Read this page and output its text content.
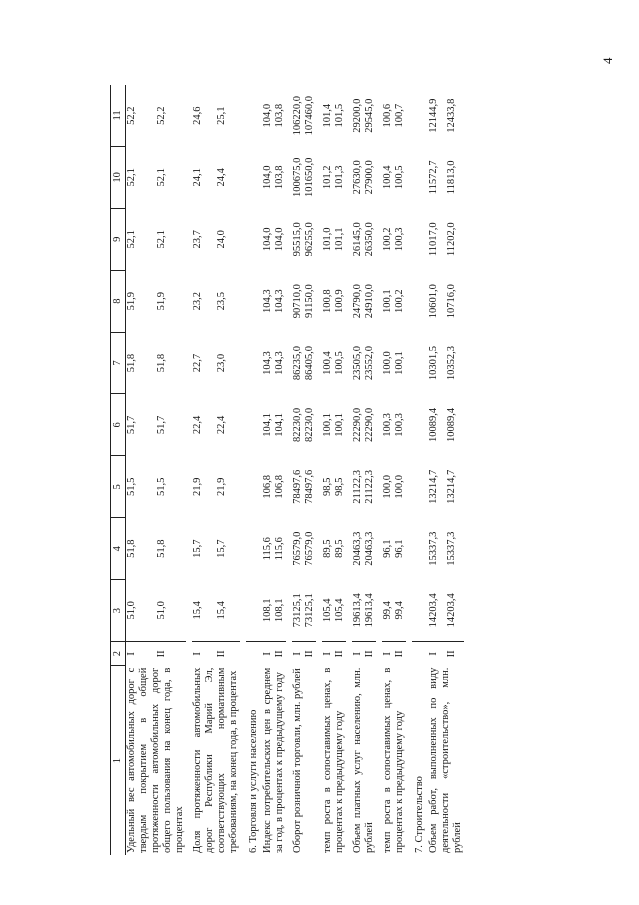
4
1	2	3	4	5	6	7	8	9	10	11
Удельный вес автомобильных дорог с твердым покрытием в общей протяженности автомобильных дорог общего пользования на конец года, в процентах	I	51,0	51,8	51,5	51,7	51,8	51,9	52,1	52,1	52,2
	II	51,0	51,8	51,5	51,7	51,8	51,9	52,1	52,1	52,2

Доля протяженности автомобильных дорог Республики Марий Эл, соответствующих нормативным требованиям, на конец года, в процентах	I	15,4	15,7	21,9	22,4	22,7	23,2	23,7	24,1	24,6
	II	15,4	15,7	21,9	22,4	23,0	23,5	24,0	24,4	25,1

6. Торговля и услуги населению										
Индекс потребительских цен в среднем за год, в процентах к предыдущему году	I	108,1	115,6	106,8	104,1	104,3	104,3	104,0	104,0	104,0
	II	108,1	115,6	106,8	104,1	104,3	104,3	104,0	103,8	103,8

Оборот розничной торговли, млн. рублей	I	73125,1	76579,0	78497,6	82230,0	86235,0	90710,0	95515,0	100675,0	106220,0
	II	73125,1	76579,0	78497,6	82230,0	86405,0	91150,0	96255,0	101650,0	107460,0

темп роста в сопоставимых ценах, в процентах к предыдущему году	I	105,4	89,5	98,5	100,1	100,4	100,8	101,0	101,2	101,4
	II	105,4	89,5	98,5	100,1	100,5	100,9	101,1	101,3	101,5

Объем платных услуг населению, млн. рублей	I	19613,4	20463,3	21122,3	22290,0	23505,0	24790,0	26145,0	27630,0	29200,0
	II	19613,4	20463,3	21122,3	22290,0	23552,0	24910,0	26350,0	27900,0	29545,0

темп роста в сопоставимых ценах, в процентах к предыдущему году	I	99,4	96,1	100,0	100,3	100,0	100,1	100,2	100,4	100,6
	II	99,4	96,1	100,0	100,3	100,1	100,2	100,3	100,5	100,7

7. Строительство										
Объем работ, выполненных по виду деятельности «строительство», млн. рублей	I	14203,4	15337,3	13214,7	10089,4	10301,5	10601,0	11017,0	11572,7	12144,9
	II	14203,4	15337,3	13214,7	10089,4	10352,3	10716,0	11202,0	11813,0	12433,8
